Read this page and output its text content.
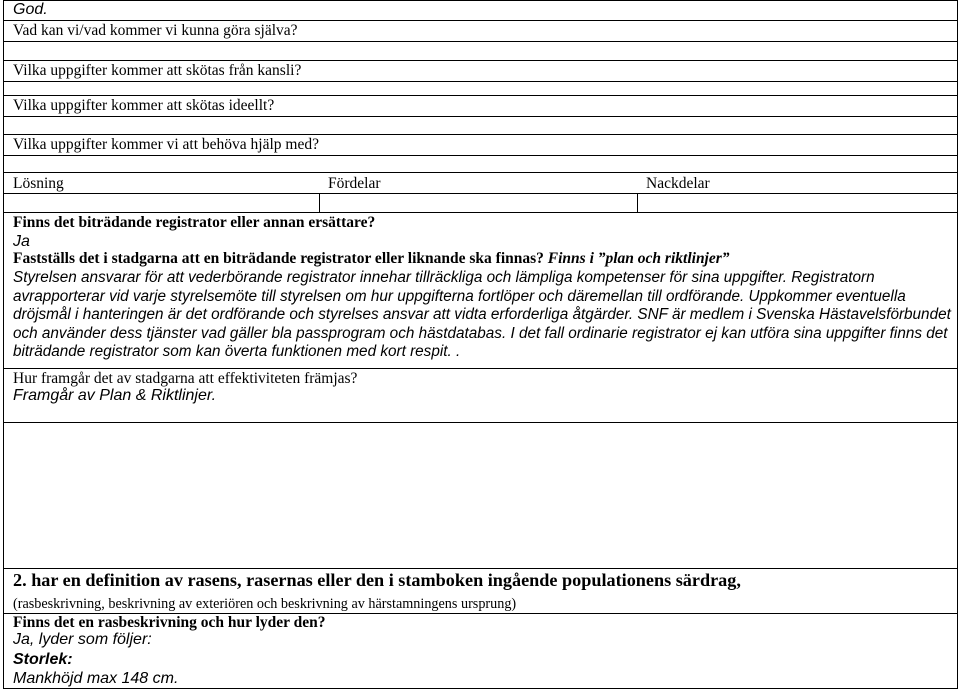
God.
Vad kan vi/vad kommer vi kunna göra själva?
Vilka uppgifter kommer att skötas från kansli?
Vilka uppgifter kommer att skötas ideellt?
Vilka uppgifter kommer vi att behöva hjälp med?
Lösning	Fördelar	Nackdelar
Finns det biträdande registrator eller annan ersättare?
Ja
Fastställs det i stadgarna att en biträdande registrator eller liknande ska finnas? Finns i ”plan och riktlinjer”
Styrelsen ansvarar för att vederbörande registrator innehar tillräckliga och lämpliga kompetenser för sina uppgifter. Registratorn avrapporterar vid varje styrelsemöte till styrelsen om hur uppgifterna fortlöper och däremellan till ordförande. Uppkommer eventuella dröjsmål i hanteringen är det ordförande och styrelses ansvar att vidta erforderliga åtgärder. SNF är medlem i Svenska Hästavelsförbundet och använder dess tjänster vad gäller bla passprogram och hästdatabas. I det fall ordinarie registrator ej kan utföra sina uppgifter finns det biträdande registrator som kan överta funktionen med kort respit. .
Hur framgår det av stadgarna att effektiviteten främjas?
Framgår av Plan & Riktlinjer.
2. har en definition av rasens, rasernas eller den i stamboken ingående populationens särdrag,
(rasbeskrivning, beskrivning av exteriören och beskrivning av härstamningens ursprung)
Finns det en rasbeskrivning och hur lyder den?
Ja, lyder som följer:
Storlek:
Mankhöjd max 148 cm.
